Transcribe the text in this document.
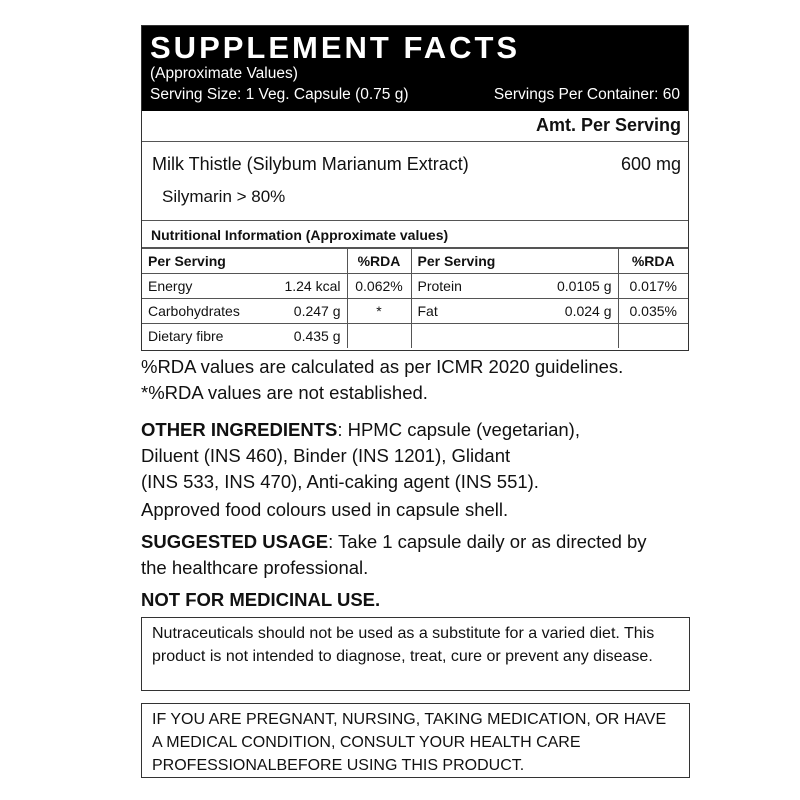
SUPPLEMENT FACTS
(Approximate Values)
Serving Size: 1 Veg. Capsule (0.75 g)	Servings Per Container: 60
Amt. Per Serving
Milk Thistle (Silybum Marianum Extract)	600 mg
Silymarin > 80%
Nutritional Information (Approximate values)
Per Serving		%RDA	Per Serving		%RDA
Energy	1.24 kcal	0.062%	Protein	0.0105 g	0.017%
Carbohydrates	0.247 g	*	Fat	0.024 g	0.035%
Dietary fibre	0.435 g				
%RDA values are calculated as per ICMR 2020 guidelines.
*%RDA values are not established.
OTHER INGREDIENTS: HPMC capsule (vegetarian),
Diluent (INS 460), Binder (INS 1201), Glidant
(INS 533, INS 470), Anti-caking agent (INS 551).
Approved food colours used in capsule shell.
SUGGESTED USAGE: Take 1 capsule daily or as directed by
the healthcare professional.
NOT FOR MEDICINAL USE.
Nutraceuticals should not be used as a substitute for a varied diet. This product is not intended to diagnose, treat, cure or prevent any disease.
IF YOU ARE PREGNANT, NURSING, TAKING MEDICATION, OR HAVE A MEDICAL CONDITION, CONSULT YOUR HEALTH CARE PROFESSIONALBEFORE USING THIS PRODUCT.
